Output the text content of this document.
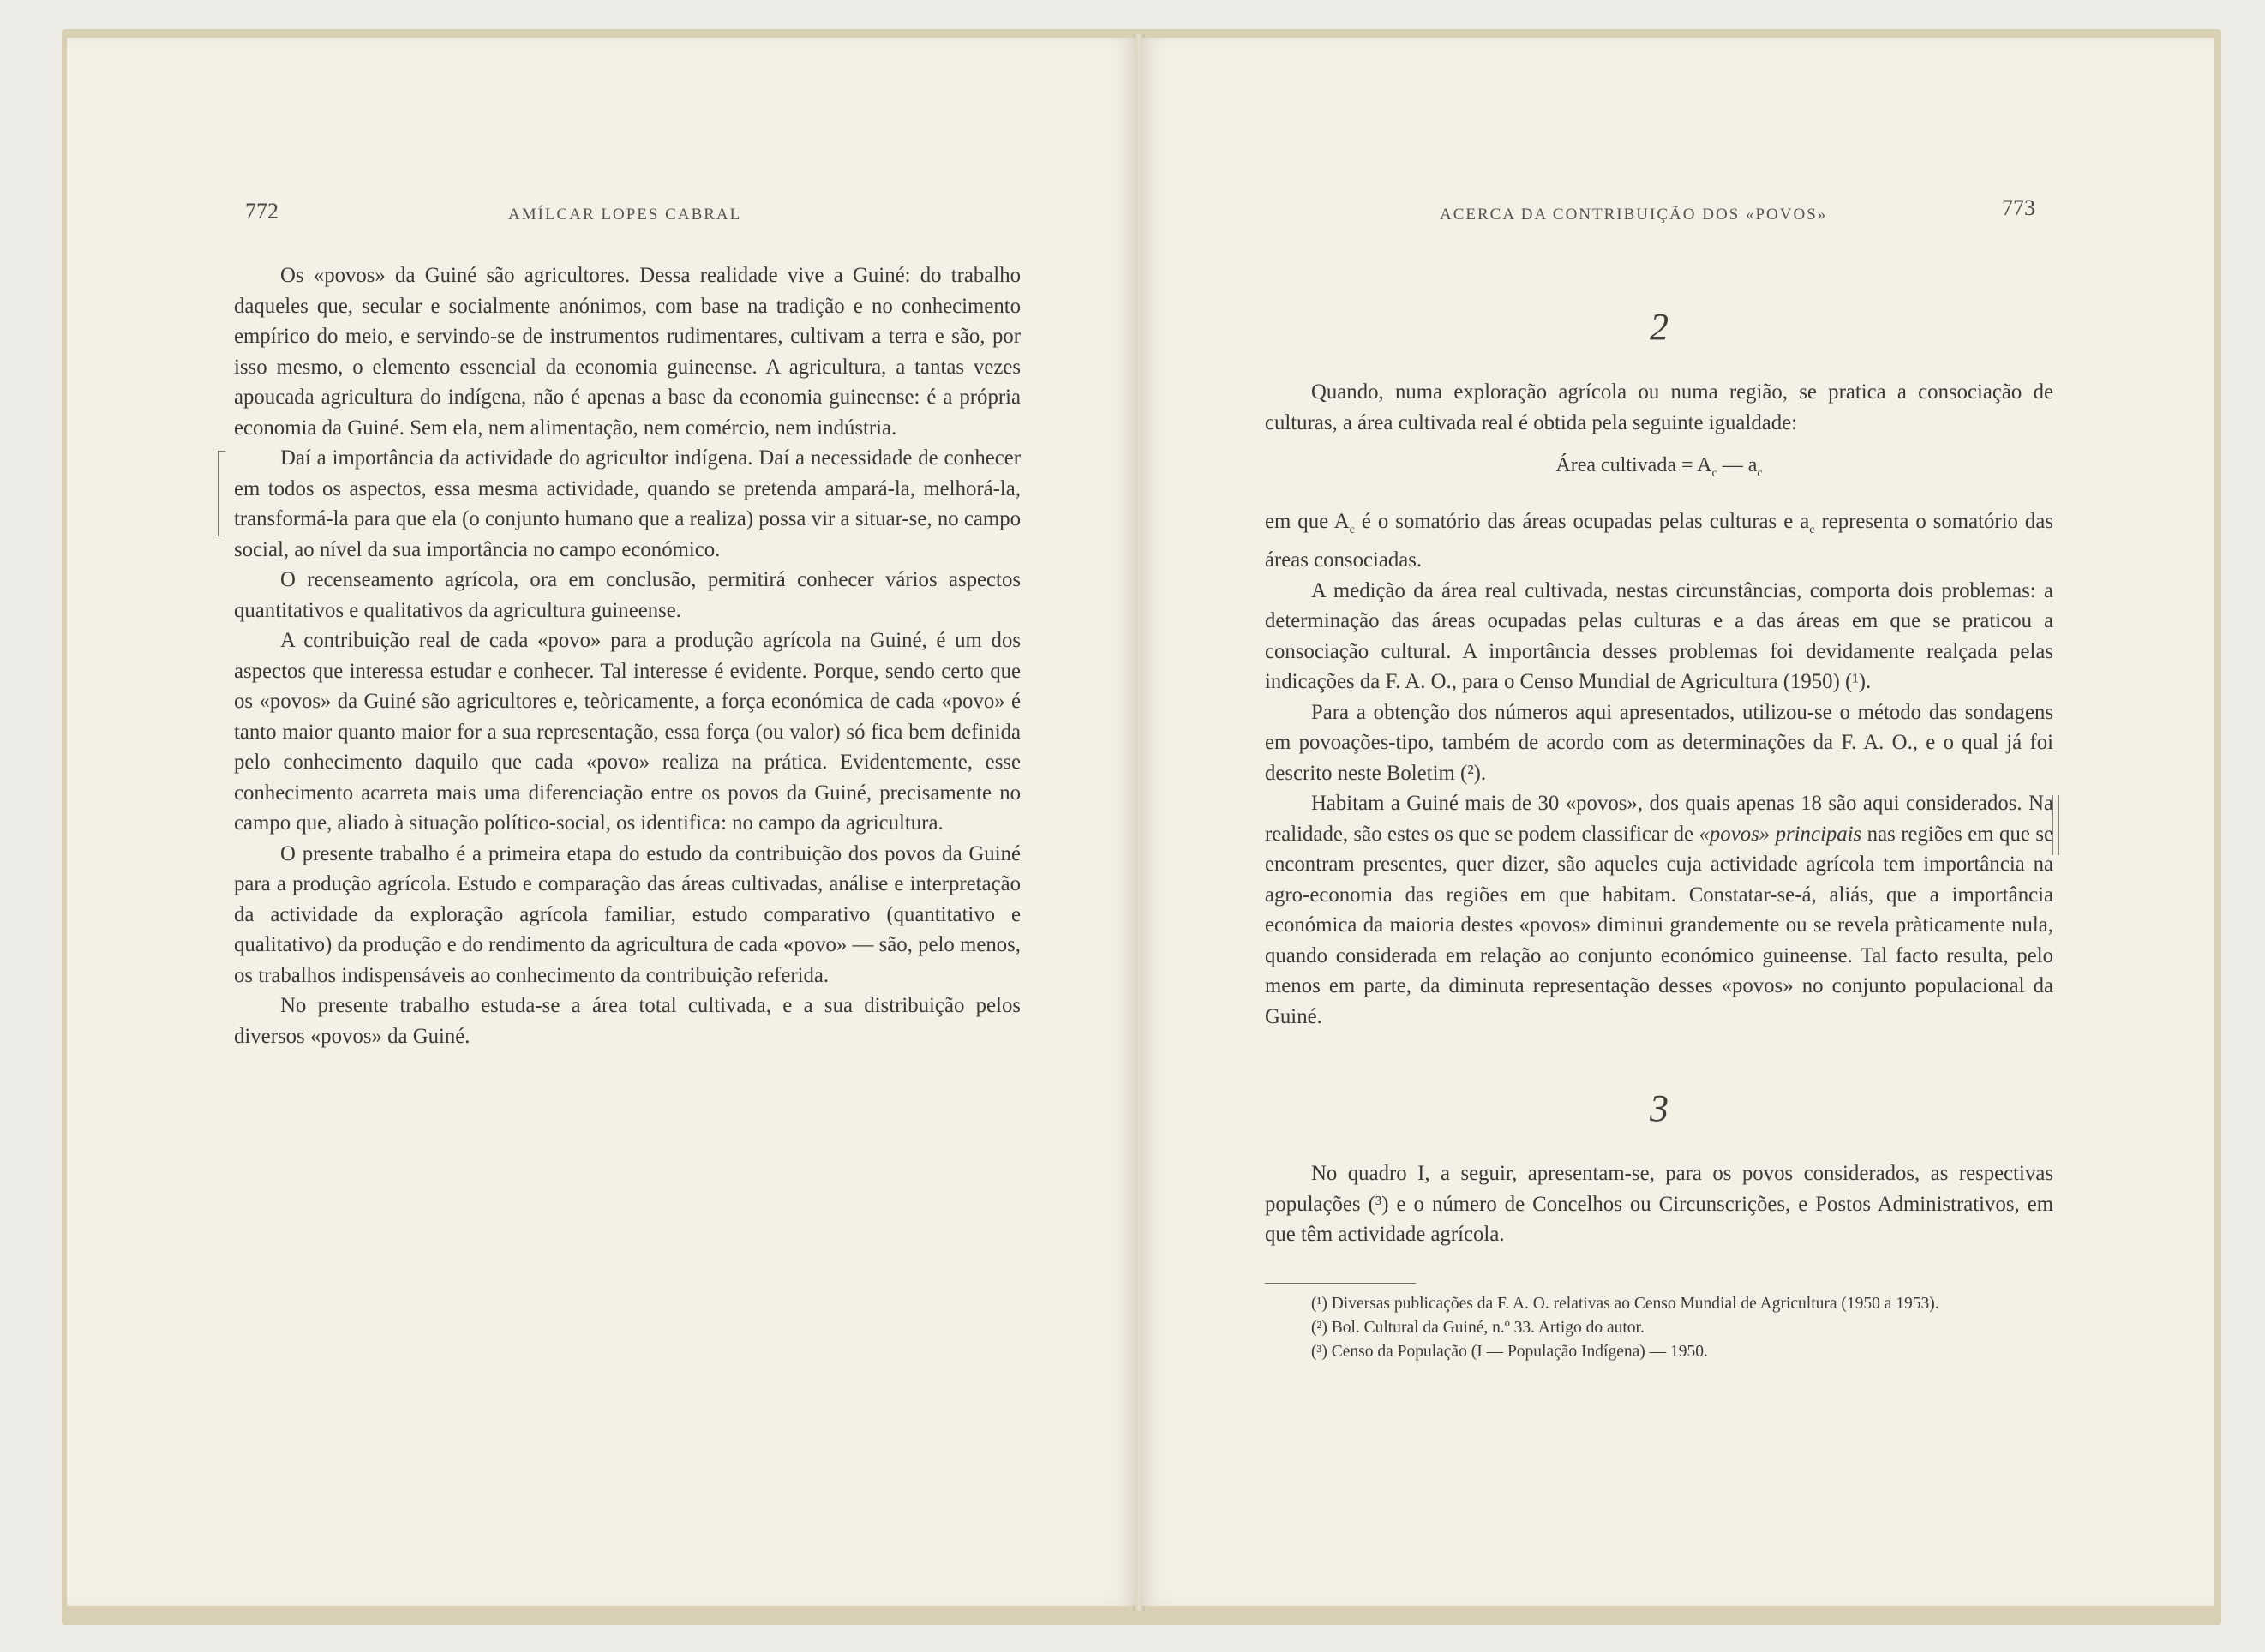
772	AMÍLCAR LOPES CABRAL

Os «povos» da Guiné são agricultores. Dessa realidade vive a Guiné: do trabalho daqueles que, secular e socialmente anónimos, com base na tradição e no conhecimento empírico do meio, e servindo-se de instrumentos rudimentares, cultivam a terra e são, por isso mesmo, o elemento essencial da economia guineense. A agricultura, a tantas vezes apoucada agricultura do indígena, não é apenas a base da economia guineense: é a própria economia da Guiné. Sem ela, nem alimentação, nem comércio, nem indústria.

Daí a importância da actividade do agricultor indígena. Daí a necessidade de conhecer em todos os aspectos, essa mesma actividade, quando se pretenda ampará-la, melhorá-la, transformá-la para que ela (o conjunto humano que a realiza) possa vir a situar-se, no campo social, ao nível da sua importância no campo económico.

O recenseamento agrícola, ora em conclusão, permitirá conhecer vários aspectos quantitativos e qualitativos da agricultura guineense.

A contribuição real de cada «povo» para a produção agrícola na Guiné, é um dos aspectos que interessa estudar e conhecer. Tal interesse é evidente. Porque, sendo certo que os «povos» da Guiné são agricultores e, teòricamente, a força económica de cada «povo» é tanto maior quanto maior for a sua representação, essa força (ou valor) só fica bem definida pelo conhecimento daquilo que cada «povo» realiza na prática. Evidentemente, esse conhecimento acarreta mais uma diferenciação entre os povos da Guiné, precisamente no campo que, aliado à situação político-social, os identifica: no campo da agricultura.

O presente trabalho é a primeira etapa do estudo da contribuição dos povos da Guiné para a produção agrícola. Estudo e comparação das áreas cultivadas, análise e interpretação da actividade da exploração agrícola familiar, estudo comparativo (quantitativo e qualitativo) da produção e do rendimento da agricultura de cada «povo» — são, pelo menos, os trabalhos indispensáveis ao conhecimento da contribuição referida.

No presente trabalho estuda-se a área total cultivada, e a sua distribuição pelos diversos «povos» da Guiné.

ACERCA DA CONTRIBUIÇÃO DOS «POVOS»	773

2

Quando, numa exploração agrícola ou numa região, se pratica a consociação de culturas, a área cultivada real é obtida pela seguinte igualdade:

Área cultivada = $A_c$ — $a_c$

em que $A_c$ é o somatório das áreas ocupadas pelas culturas e $a_c$ representa o somatório das áreas consociadas.

A medição da área real cultivada, nestas circunstâncias, comporta dois problemas: a determinação das áreas ocupadas pelas culturas e a das áreas em que se praticou a consociação cultural. A importância desses problemas foi devidamente realçada pelas indicações da F. A. O., para o Censo Mundial de Agricultura (1950) (¹).

Para a obtenção dos números aqui apresentados, utilizou-se o método das sondagens em povoações-tipo, também de acordo com as determinações da F. A. O., e o qual já foi descrito neste Boletim (²).

Habitam a Guiné mais de 30 «povos», dos quais apenas 18 são aqui considerados. Na realidade, são estes os que se podem classificar de «povos» principais nas regiões em que se encontram presentes, quer dizer, são aqueles cuja actividade agrícola tem importância na agro-economia das regiões em que habitam. Constatar-se-á, aliás, que a importância económica da maioria destes «povos» diminui grandemente ou se revela pràticamente nula, quando considerada em relação ao conjunto económico guineense. Tal facto resulta, pelo menos em parte, da diminuta representação desses «povos» no conjunto populacional da Guiné.

3

No quadro I, a seguir, apresentam-se, para os povos considerados, as respectivas populações (³) e o número de Concelhos ou Circunscrições, e Postos Administrativos, em que têm actividade agrícola.

(¹) Diversas publicações da F. A. O. relativas ao Censo Mundial de Agricultura (1950 a 1953).

(²) Bol. Cultural da Guiné, n.º 33. Artigo do autor.

(³) Censo da População (I — População Indígena) — 1950.
